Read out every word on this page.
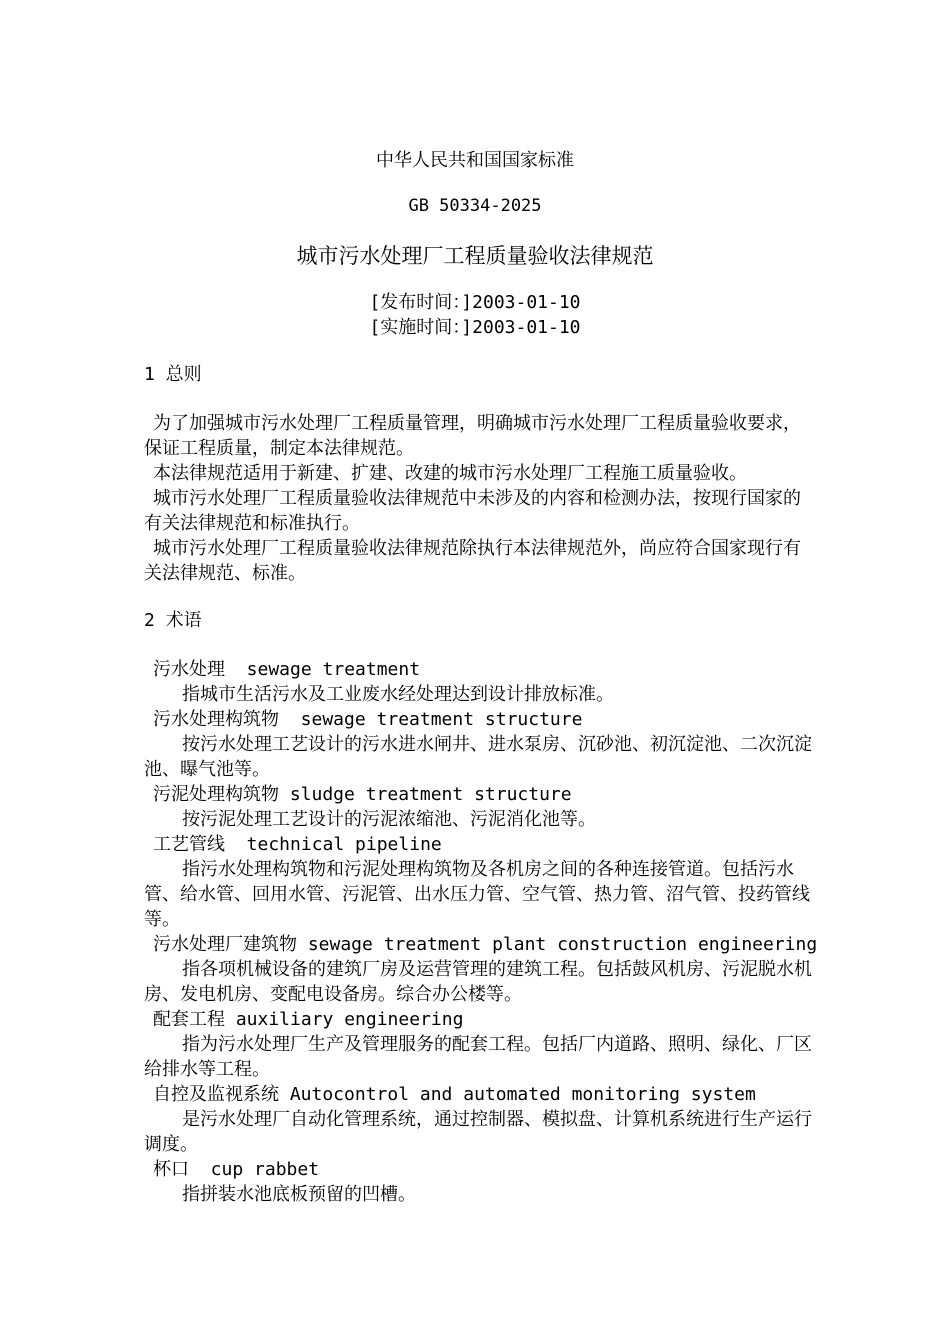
中华人民共和国国家标准
GB 50334-2025
城市污水处理厂工程质量验收法律规范
[发布时间：]2003-01-10
[实施时间：]2003-01-10

1 总则

为了加强城市污水处理厂工程质量管理，明确城市污水处理厂工程质量验收要求，保证工程质量，制定本法律规范。

本法律规范适用于新建、扩建、改建的城市污水处理厂工程施工质量验收。

城市污水处理厂工程质量验收法律规范中未涉及的内容和检测办法，按现行国家的有关法律规范和标准执行。

城市污水处理厂工程质量验收法律规范除执行本法律规范外，尚应符合国家现行有关法律规范、标准。

2 术语

污水处理  sewage treatment

指城市生活污水及工业废水经处理达到设计排放标准。

污水处理构筑物  sewage treatment structure

按污水处理工艺设计的污水进水闸井、进水泵房、沉砂池、初沉淀池、二次沉淀池、曝气池等。

污泥处理构筑物 sludge treatment structure

按污泥处理工艺设计的污泥浓缩池、污泥消化池等。

工艺管线  technical pipeline

指污水处理构筑物和污泥处理构筑物及各机房之间的各种连接管道。包括污水管、给水管、回用水管、污泥管、出水压力管、空气管、热力管、沼气管、投药管线等。

污水处理厂建筑物 sewage treatment plant construction engineering

指各项机械设备的建筑厂房及运营管理的建筑工程。包括鼓风机房、污泥脱水机房、发电机房、变配电设备房。综合办公楼等。

配套工程 auxiliary engineering

指为污水处理厂生产及管理服务的配套工程。包括厂内道路、照明、绿化、厂区给排水等工程。

自控及监视系统 Autocontrol and automated monitoring system

是污水处理厂自动化管理系统，通过控制器、模拟盘、计算机系统进行生产运行调度。

杯口  cup rabbet

指拼装水池底板预留的凹槽。
